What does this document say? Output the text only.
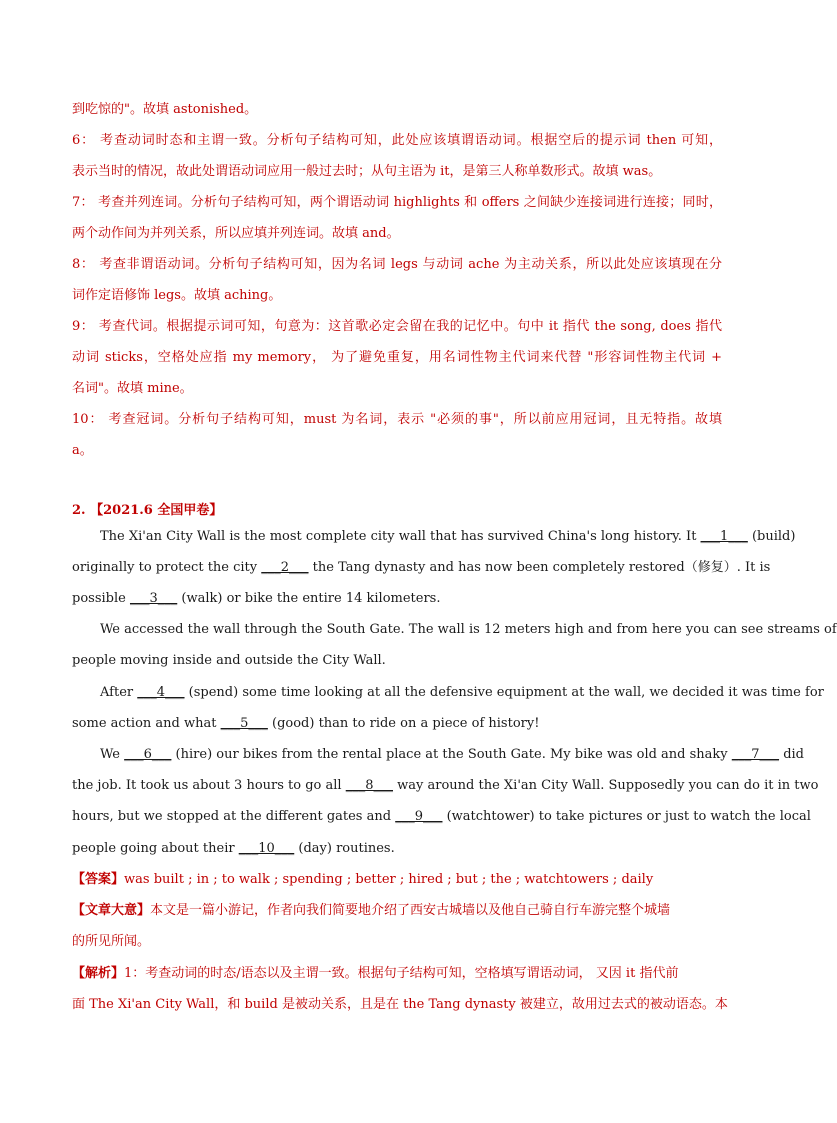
到吃惊的"。故填 astonished。
6： 考查动词时态和主谓一致。分析句子结构可知，此处应该填谓语动词。根据空后的提示词 then 可知，
表示当时的情况，故此处谓语动词应用一般过去时；从句主语为 it，是第三人称单数形式。故填 was。
7： 考查并列连词。分析句子结构可知，两个谓语动词 highlights 和 offers 之间缺少连接词进行连接；同时，
两个动作间为并列关系，所以应填并列连词。故填 and。
8： 考查非谓语动词。分析句子结构可知，因为名词 legs 与动词 ache 为主动关系，所以此处应该填现在分
词作定语修饰 legs。故填 aching。
9： 考查代词。根据提示词可知，句意为：这首歌必定会留在我的记忆中。句中 it 指代 the song, does 指代
动词 sticks，空格处应指 my memory， 为了避免重复，用名词性物主代词来代替 "形容词性物主代词 +
名词"。故填 mine。
10： 考查冠词。分析句子结构可知，must 为名词，表示 "必须的事"，所以前应用冠词，且无特指。故填
a。
2. 【2021.6 全国甲卷】
The Xi'an City Wall is the most complete city wall that has survived China's long history. It ___1___ (build)
originally to protect the city ___2___ the Tang dynasty and has now been completely restored（修复）. It is
possible ___3___ (walk) or bike the entire 14 kilometers.
We accessed the wall through the South Gate. The wall is 12 meters high and from here you can see streams of
people moving inside and outside the City Wall.
After ___4___ (spend) some time looking at all the defensive equipment at the wall, we decided it was time for
some action and what ___5___ (good) than to ride on a piece of history!
We ___6___ (hire) our bikes from the rental place at the South Gate. My bike was old and shaky ___7___ did
the job. It took us about 3 hours to go all ___8___ way around the Xi'an City Wall. Supposedly you can do it in two
hours, but we stopped at the different gates and ___9___ (watchtower) to take pictures or just to watch the local
people going about their ___10___ (day) routines.
【答案】was built ; in ; to walk ; spending ; better ; hired ; but ; the ; watchtowers ; daily
【文章大意】本文是一篇小游记，作者向我们简要地介绍了西安古城墙以及他自己骑自行车游完整个城墙
的所见所闻。
【解析】1：考查动词的时态/语态以及主谓一致。根据句子结构可知，空格填写谓语动词， 又因 it 指代前
面 The Xi'an City Wall，和 build 是被动关系，且是在 the Tang dynasty 被建立，故用过去式的被动语态。本
